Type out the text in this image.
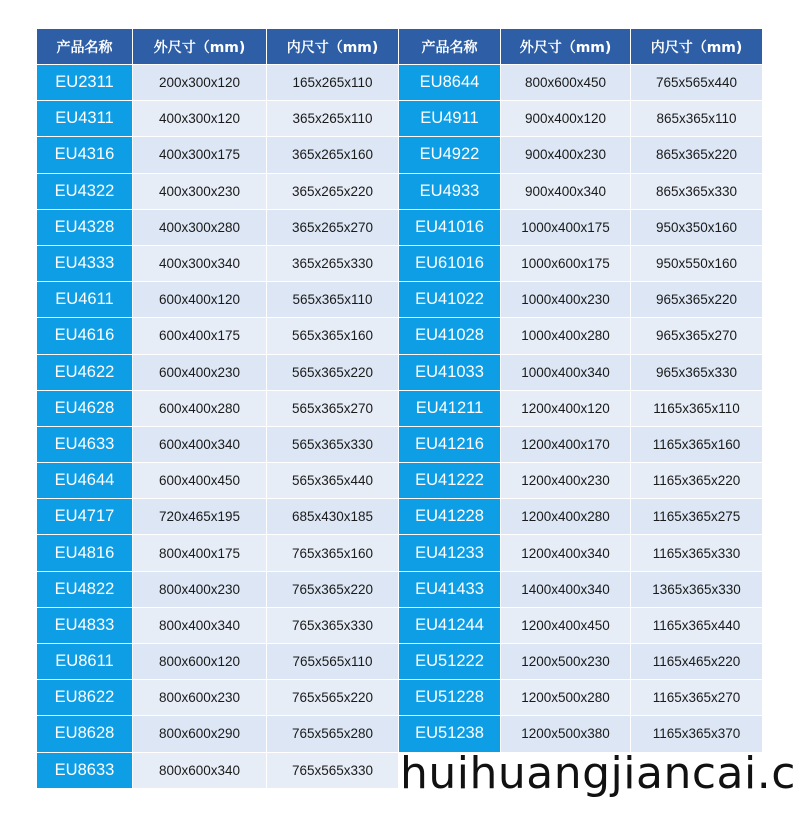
产品名称	外尺寸（mm)	内尺寸（mm)	产品名称	外尺寸（mm)	内尺寸（mm)
EU2311	200x300x120	165x265x110	EU8644	800x600x450	765x565x440
EU4311	400x300x120	365x265x110	EU4911	900x400x120	865x365x110
EU4316	400x300x175	365x265x160	EU4922	900x400x230	865x365x220
EU4322	400x300x230	365x265x220	EU4933	900x400x340	865x365x330
EU4328	400x300x280	365x265x270	EU41016	1000x400x175	950x350x160
EU4333	400x300x340	365x265x330	EU61016	1000x600x175	950x550x160
EU4611	600x400x120	565x365x110	EU41022	1000x400x230	965x365x220
EU4616	600x400x175	565x365x160	EU41028	1000x400x280	965x365x270
EU4622	600x400x230	565x365x220	EU41033	1000x400x340	965x365x330
EU4628	600x400x280	565x365x270	EU41211	1200x400x120	1165x365x110
EU4633	600x400x340	565x365x330	EU41216	1200x400x170	1165x365x160
EU4644	600x400x450	565x365x440	EU41222	1200x400x230	1165x365x220
EU4717	720x465x195	685x430x185	EU41228	1200x400x280	1165x365x275
EU4816	800x400x175	765x365x160	EU41233	1200x400x340	1165x365x330
EU4822	800x400x230	765x365x220	EU41433	1400x400x340	1365x365x330
EU4833	800x400x340	765x365x330	EU41244	1200x400x450	1165x365x440
EU8611	800x600x120	765x565x110	EU51222	1200x500x230	1165x465x220
EU8622	800x600x230	765x565x220	EU51228	1200x500x280	1165x365x270
EU8628	800x600x290	765x565x280	EU51238	1200x500x380	1165x365x370
EU8633	800x600x340	765x565x330			huihuangjiancai.c
